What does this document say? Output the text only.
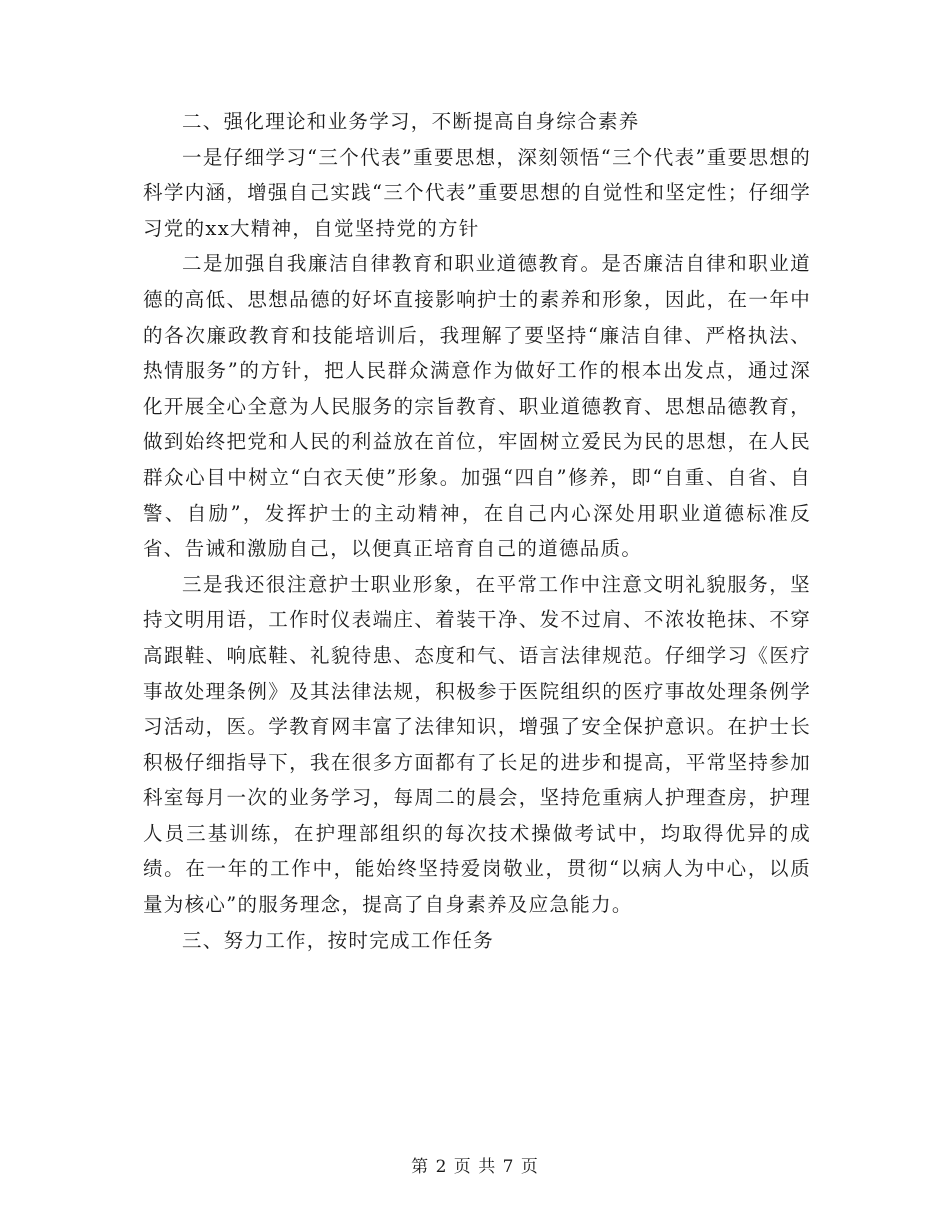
二、强化理论和业务学习，不断提高自身综合素养

一是仔细学习“三个代表”重要思想，深刻领悟“三个代表”重要思想的科学内涵，增强自己实践“三个代表”重要思想的自觉性和坚定性；仔细学习党的xx大精神，自觉坚持党的方针

二是加强自我廉洁自律教育和职业道德教育。是否廉洁自律和职业道德的高低、思想品德的好坏直接影响护士的素养和形象，因此，在一年中的各次廉政教育和技能培训后，我理解了要坚持“廉洁自律、严格执法、热情服务”的方针，把人民群众满意作为做好工作的根本出发点，通过深化开展全心全意为人民服务的宗旨教育、职业道德教育、思想品德教育，做到始终把党和人民的利益放在首位，牢固树立爱民为民的思想，在人民群众心目中树立“白衣天使”形象。加强“四自”修养，即“自重、自省、自警、自励”，发挥护士的主动精神，在自己内心深处用职业道德标准反省、告诫和激励自己，以便真正培育自己的道德品质。

三是我还很注意护士职业形象，在平常工作中注意文明礼貌服务，坚持文明用语，工作时仪表端庄、着装干净、发不过肩、不浓妆艳抹、不穿高跟鞋、响底鞋、礼貌待患、态度和气、语言法律规范。仔细学习《医疗事故处理条例》及其法律法规，积极参于医院组织的医疗事故处理条例学习活动，医。学教育网丰富了法律知识，增强了安全保护意识。在护士长积极仔细指导下，我在很多方面都有了长足的进步和提高，平常坚持参加科室每月一次的业务学习，每周二的晨会，坚持危重病人护理查房，护理人员三基训练，在护理部组织的每次技术操做考试中，均取得优异的成绩。在一年的工作中，能始终坚持爱岗敬业，贯彻“以病人为中心，以质量为核心”的服务理念，提高了自身素养及应急能力。

三、努力工作，按时完成工作任务

第 2 页 共 7 页
